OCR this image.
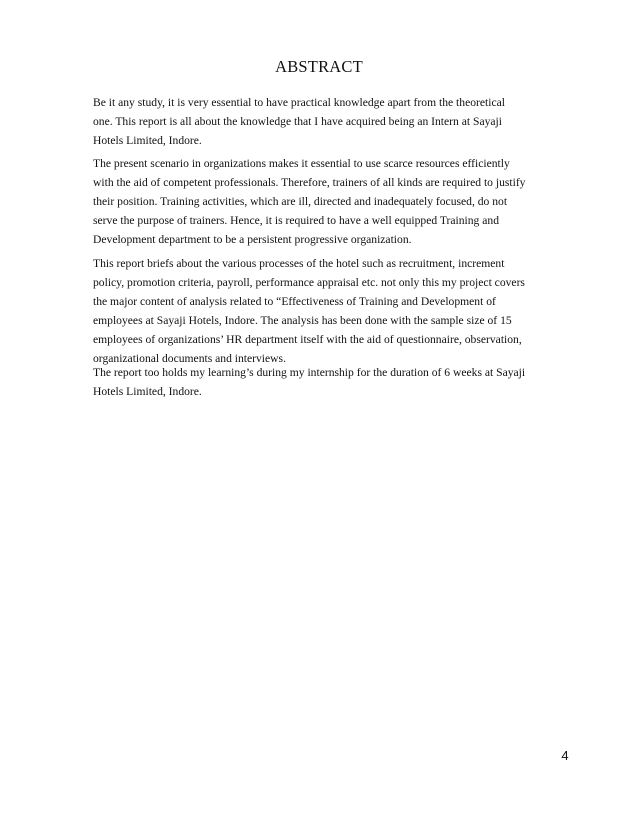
ABSTRACT

Be it any study, it is very essential to have practical knowledge apart from the theoretical
one. This report is all about the knowledge that I have acquired being an Intern at Sayaji
Hotels Limited, Indore.

The present scenario in organizations makes it essential to use scarce resources efficiently
with the aid of competent professionals. Therefore, trainers of all kinds are required to justify
their position. Training activities, which are ill, directed and inadequately focused, do not
serve the purpose of trainers. Hence, it is required to have a well equipped Training and
Development department to be a persistent progressive organization.

This report briefs about the various processes of the hotel such as recruitment, increment
policy, promotion criteria, payroll, performance appraisal etc. not only this my project covers
the major content of analysis related to “Effectiveness of Training and Development of
employees at Sayaji Hotels, Indore. The analysis has been done with the sample size of 15
employees of organizations’ HR department itself with the aid of questionnaire, observation,
organizational documents and interviews.

The report too holds my learning’s during my internship for the duration of 6 weeks at Sayaji
Hotels Limited, Indore.

4
